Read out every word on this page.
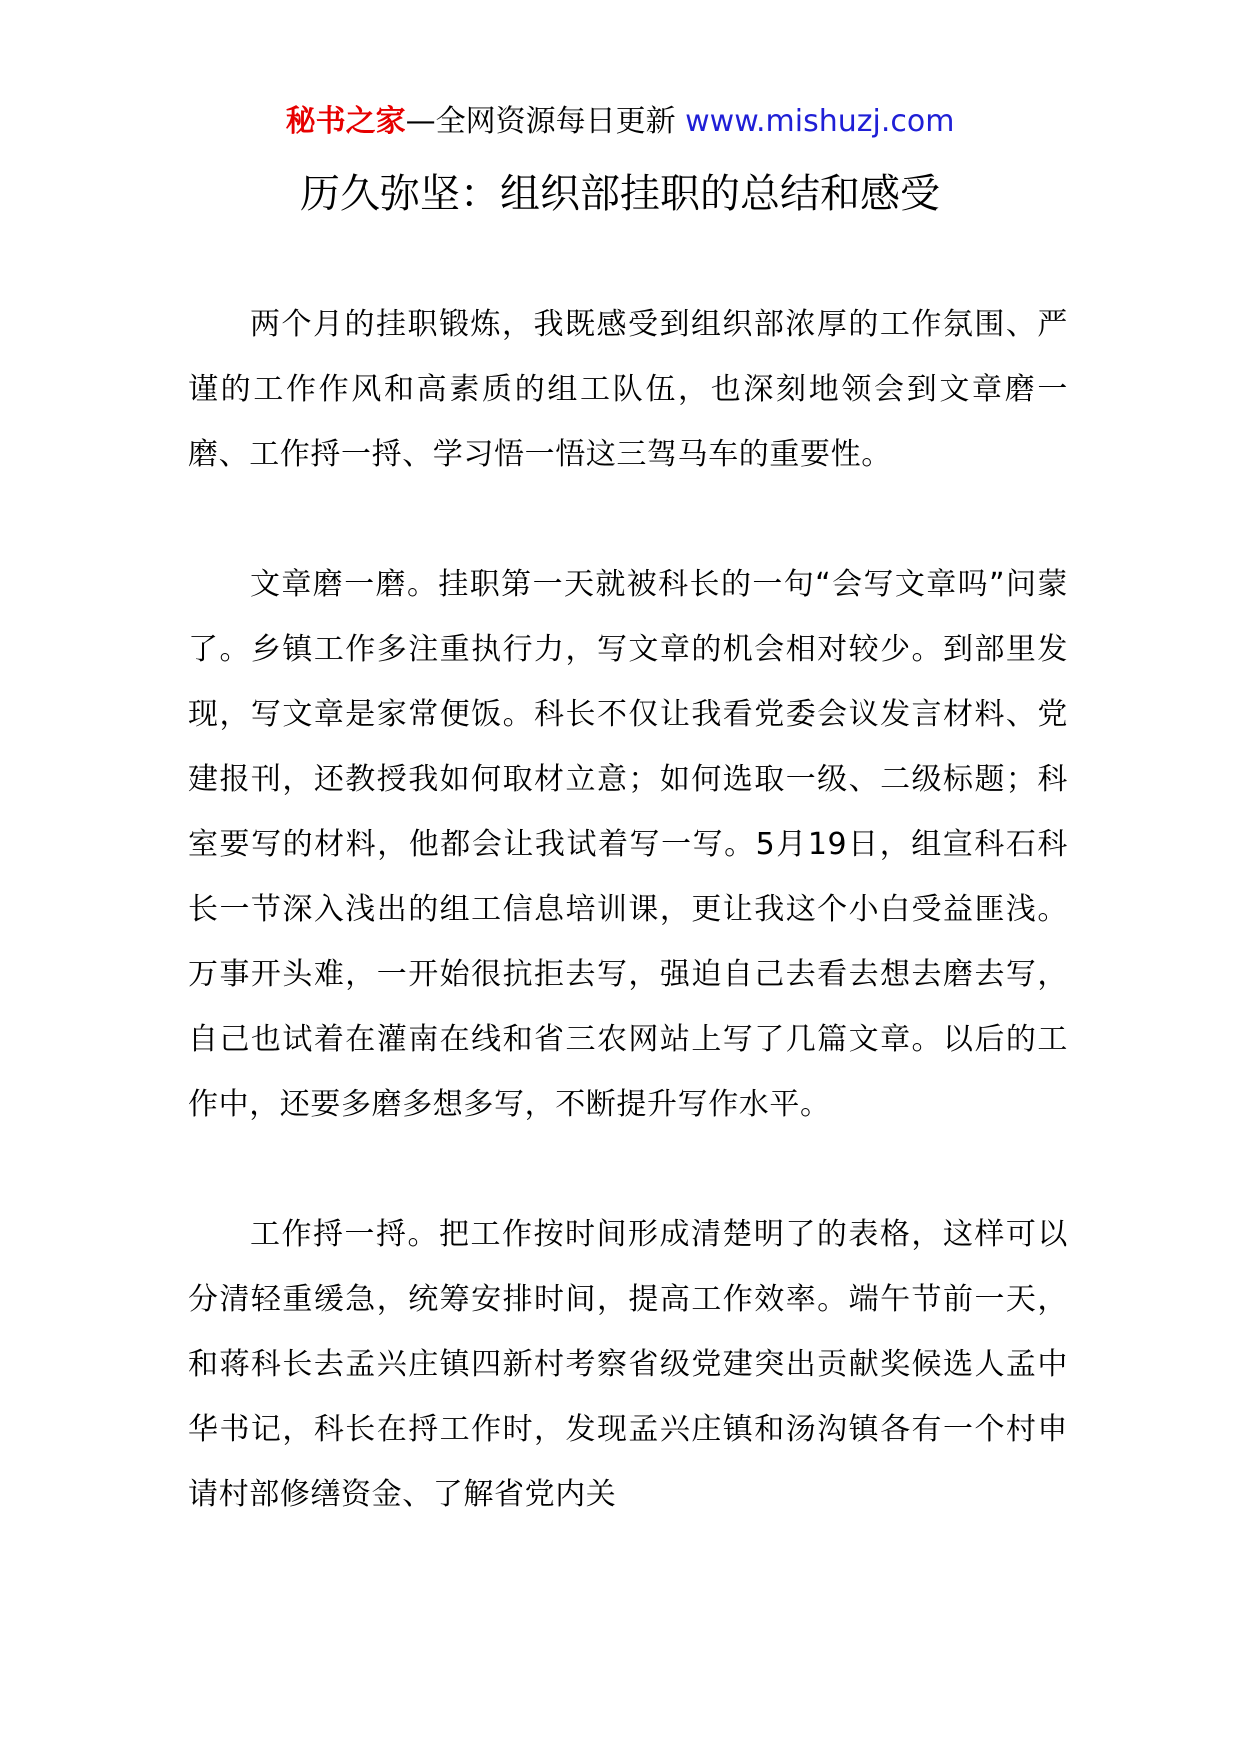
秘书之家—全网资源每日更新 www.mishuzj.com
历久弥坚：组织部挂职的总结和感受

两个月的挂职锻炼，我既感受到组织部浓厚的工作氛围、严谨的工作作风和高素质的组工队伍，也深刻地领会到文章磨一磨、工作捋一捋、学习悟一悟这三驾马车的重要性。

文章磨一磨。挂职第一天就被科长的一句“会写文章吗”问蒙了。乡镇工作多注重执行力，写文章的机会相对较少。到部里发现，写文章是家常便饭。科长不仅让我看党委会议发言材料、党建报刊，还教授我如何取材立意；如何选取一级、二级标题；科室要写的材料，他都会让我试着写一写。5月19日，组宣科石科长一节深入浅出的组工信息培训课，更让我这个小白受益匪浅。万事开头难，一开始很抗拒去写，强迫自己去看去想去磨去写，自己也试着在灌南在线和省三农网站上写了几篇文章。以后的工作中，还要多磨多想多写，不断提升写作水平。

工作捋一捋。把工作按时间形成清楚明了的表格，这样可以分清轻重缓急，统筹安排时间，提高工作效率。端午节前一天，和蒋科长去孟兴庄镇四新村考察省级党建突出贡献奖候选人孟中华书记，科长在捋工作时，发现孟兴庄镇和汤沟镇各有一个村申请村部修缮资金、了解省党内关
